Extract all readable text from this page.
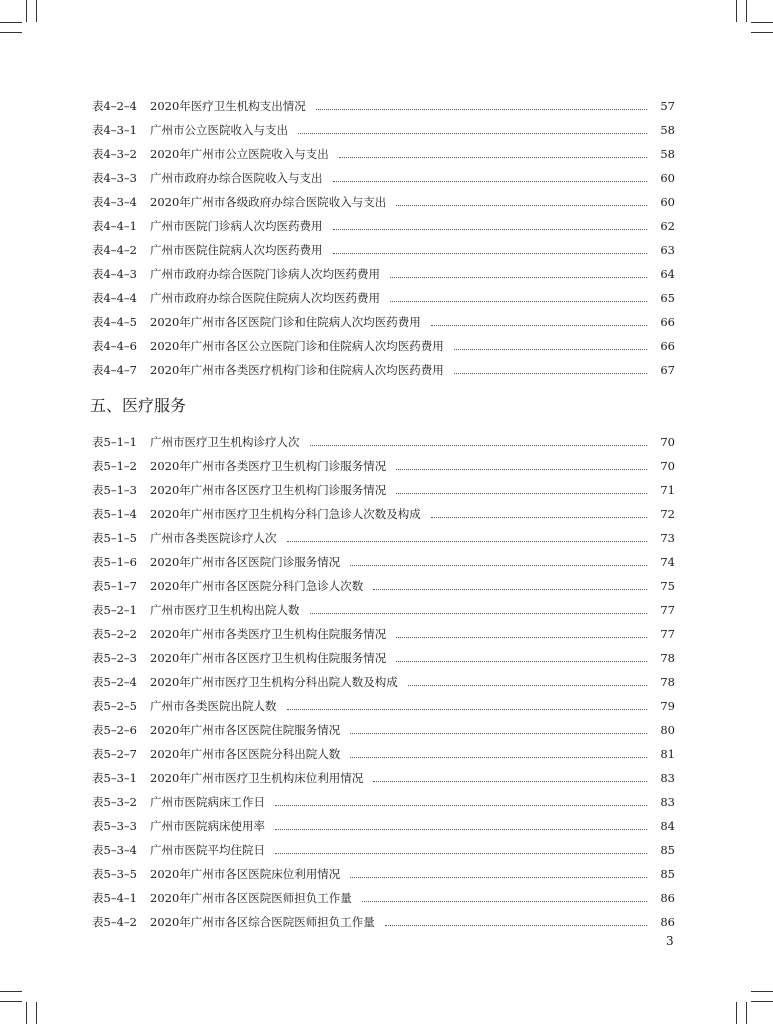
表4–2–4	2020年医疗卫生机构支出情况	57
表4–3–1	广州市公立医院收入与支出	58
表4–3–2	2020年广州市公立医院收入与支出	58
表4–3–3	广州市政府办综合医院收入与支出	60
表4–3–4	2020年广州市各级政府办综合医院收入与支出	60
表4–4–1	广州市医院门诊病人次均医药费用	62
表4–4–2	广州市医院住院病人次均医药费用	63
表4–4–3	广州市政府办综合医院门诊病人次均医药费用	64
表4–4–4	广州市政府办综合医院住院病人次均医药费用	65
表4–4–5	2020年广州市各区医院门诊和住院病人次均医药费用	66
表4–4–6	2020年广州市各区公立医院门诊和住院病人次均医药费用	66
表4–4–7	2020年广州市各类医疗机构门诊和住院病人次均医药费用	67
五、医疗服务
表5–1–1	广州市医疗卫生机构诊疗人次	70
表5–1–2	2020年广州市各类医疗卫生机构门诊服务情况	70
表5–1–3	2020年广州市各区医疗卫生机构门诊服务情况	71
表5–1–4	2020年广州市医疗卫生机构分科门急诊人次数及构成	72
表5–1–5	广州市各类医院诊疗人次	73
表5–1–6	2020年广州市各区医院门诊服务情况	74
表5–1–7	2020年广州市各区医院分科门急诊人次数	75
表5–2–1	广州市医疗卫生机构出院人数	77
表5–2–2	2020年广州市各类医疗卫生机构住院服务情况	77
表5–2–3	2020年广州市各区医疗卫生机构住院服务情况	78
表5–2–4	2020年广州市医疗卫生机构分科出院人数及构成	78
表5–2–5	广州市各类医院出院人数	79
表5–2–6	2020年广州市各区医院住院服务情况	80
表5–2–7	2020年广州市各区医院分科出院人数	81
表5–3–1	2020年广州市医疗卫生机构床位利用情况	83
表5–3–2	广州市医院病床工作日	83
表5–3–3	广州市医院病床使用率	84
表5–3–4	广州市医院平均住院日	85
表5–3–5	2020年广州市各区医院床位利用情况	85
表5–4–1	2020年广州市各区医院医师担负工作量	86
表5–4–2	2020年广州市各区综合医院医师担负工作量	86
3
